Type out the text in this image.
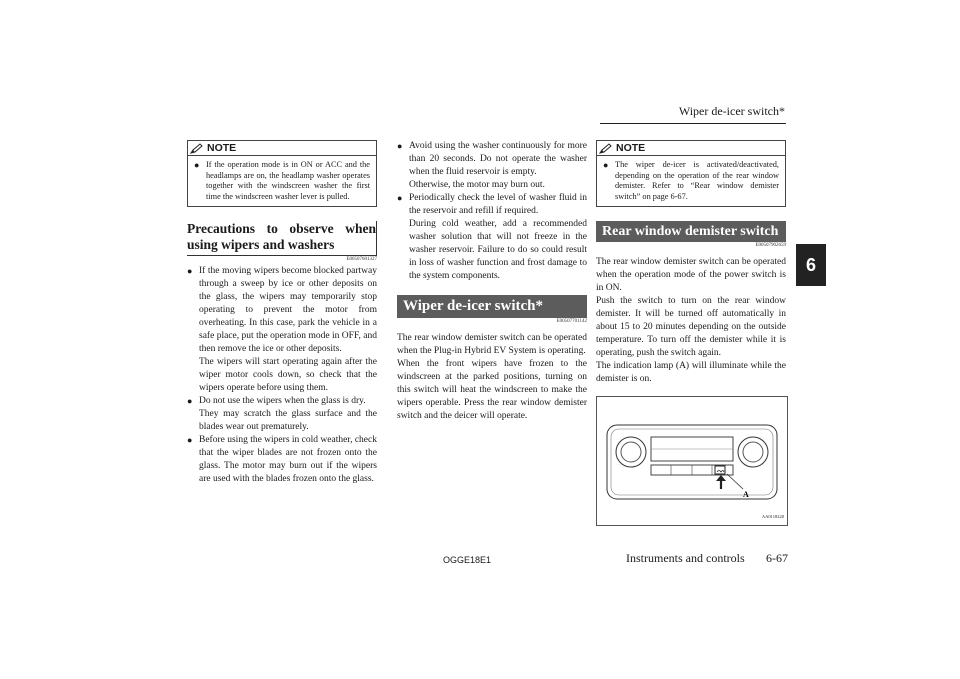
Wiper de-icer switch*
6
NOTE
● If the operation mode is in ON or ACC and the headlamps are on, the headlamp washer operates together with the windscreen washer the first time the windscreen washer lever is pulled.
Precautions to observe when using wipers and washers
E00507601327
● If the moving wipers become blocked partway through a sweep by ice or other deposits on the glass, the wipers may temporarily stop operating to prevent the motor from overheating. In this case, park the vehicle in a safe place, put the operation mode in OFF, and then remove the ice or other deposits.

The wipers will start operating again after the wiper motor cools down, so check that the wipers operate before using them.

● Do not use the wipers when the glass is dry.

They may scratch the glass surface and the blades wear out prematurely.

● Before using the wipers in cold weather, check that the wiper blades are not frozen onto the glass. The motor may burn out if the wipers are used with the blades frozen onto the glass.

● Avoid using the washer continuously for more than 20 seconds. Do not operate the washer when the fluid reservoir is empty.

Otherwise, the motor may burn out.

● Periodically check the level of washer fluid in the reservoir and refill if required.

During cold weather, add a recommended washer solution that will not freeze in the washer reservoir. Failure to do so could result in loss of washer function and frost damage to the system components.

Wiper de-icer switch*
E00507701142

The rear window demister switch can be operated when the Plug-in Hybrid EV System is operating.

When the front wipers have frozen to the windscreen at the parked positions, turning on this switch will heat the windscreen to make the wipers operable. Press the rear window demister switch and the deicer will operate.

NOTE
● The wiper de-icer is activated/deactivated, depending on the operation of the rear window demister. Refer to “Rear window demister switch” on page 6-67.
Rear window demister switch
E00507902659

The rear window demister switch can be operated when the operation mode of the power switch is in ON.

Push the switch to turn on the rear window demister. It will be turned off automatically in about 15 to 20 minutes depending on the outside temperature. To turn off the demister while it is operating, push the switch again.

The indication lamp (A) will illuminate while the demister is on.

A
AA0118220
OGGE18E1	Instruments and controls 6-67
